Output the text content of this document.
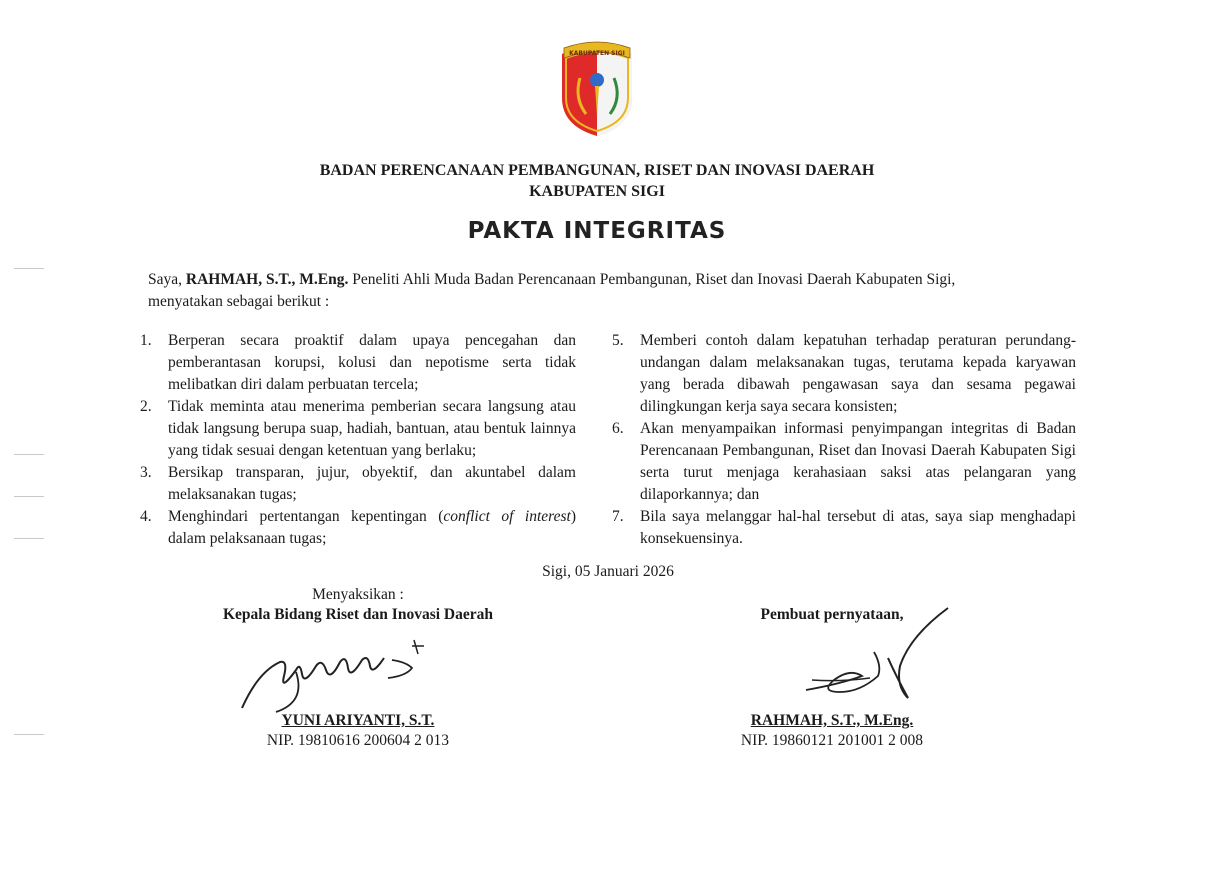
KABUPATEN SIGI
BADAN PERENCANAAN PEMBANGUNAN, RISET DAN INOVASI DAERAH
KABUPATEN SIGI
PAKTA INTEGRITAS
Saya, RAHMAH, S.T., M.Eng. Peneliti Ahli Muda Badan Perencanaan Pembangunan, Riset dan Inovasi Daerah Kabupaten Sigi,
menyatakan sebagai berikut :
1. Berperan secara proaktif dalam upaya pencegahan dan pemberantasan korupsi, kolusi dan nepotisme serta tidak melibatkan diri dalam perbuatan tercela;
2. Tidak meminta atau menerima pemberian secara langsung atau tidak langsung berupa suap, hadiah, bantuan, atau bentuk lainnya yang tidak sesuai dengan ketentuan yang berlaku;
3. Bersikap transparan, jujur, obyektif, dan akuntabel dalam melaksanakan tugas;
4. Menghindari pertentangan kepentingan (conflict of interest) dalam pelaksanaan tugas;
5. Memberi contoh dalam kepatuhan terhadap peraturan perundang-undangan dalam melaksanakan tugas, terutama kepada karyawan yang berada dibawah pengawasan saya dan sesama pegawai dilingkungan kerja saya secara konsisten;
6. Akan menyampaikan informasi penyimpangan integritas di Badan Perencanaan Pembangunan, Riset dan Inovasi Daerah Kabupaten Sigi serta turut menjaga kerahasiaan saksi atas pelangaran yang dilaporkannya; dan
7. Bila saya melanggar hal-hal tersebut di atas, saya siap menghadapi konsekuensinya.
Sigi, 05 Januari 2026
Menyaksikan :
Kepala Bidang Riset dan Inovasi Daerah	Pembuat pernyataan,
YUNI ARIYANTI, S.T.
NIP. 19810616 200604 2 013
RAHMAH, S.T., M.Eng.
NIP. 19860121 201001 2 008
